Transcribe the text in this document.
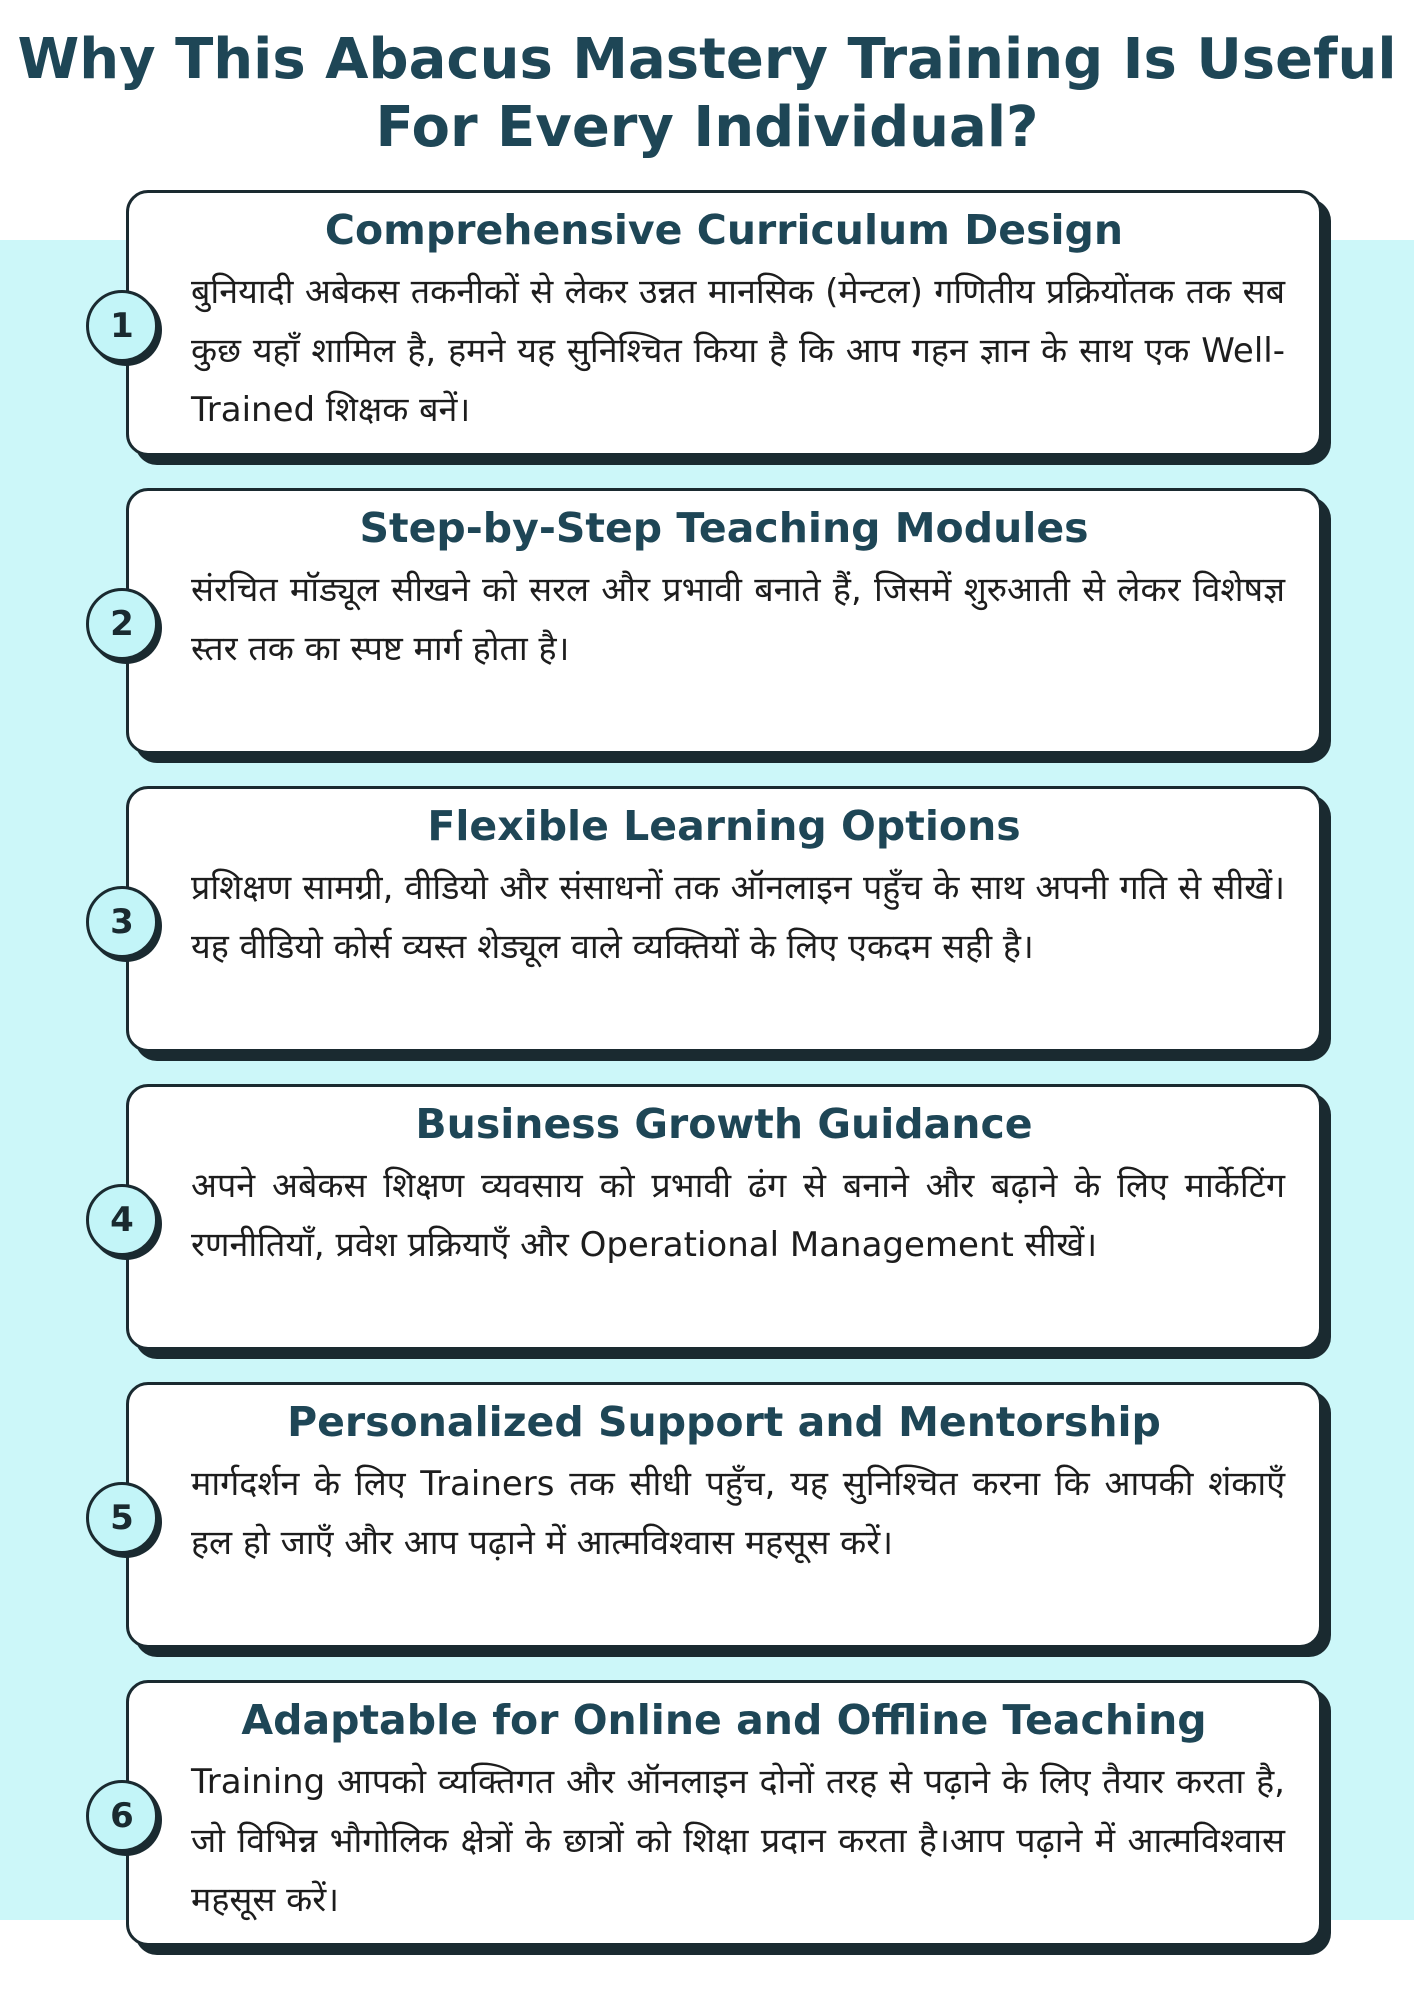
Why This Abacus Mastery Training Is Useful For Every Individual?
Comprehensive Curriculum Design
बुनियादी अबेकस तकनीकों से लेकर उन्नत मानसिक (मेन्टल) गणितीय प्रक्रियोंतक तक सब कुछ यहाँ शामिल है, हमने यह सुनिश्चित किया है कि आप गहन ज्ञान के साथ एक Well-Trained शिक्षक बनें।
1
Step-by-Step Teaching Modules
संरचित मॉड्यूल सीखने को सरल और प्रभावी बनाते हैं, जिसमें शुरुआती से लेकर विशेषज्ञ स्तर तक का स्पष्ट मार्ग होता है।
2
Flexible Learning Options
प्रशिक्षण सामग्री, वीडियो और संसाधनों तक ऑनलाइन पहुँच के साथ अपनी गति से सीखें। यह वीडियो कोर्स व्यस्त शेड्यूल वाले व्यक्तियों के लिए एकदम सही है।
3
Business Growth Guidance
अपने अबेकस शिक्षण व्यवसाय को प्रभावी ढंग से बनाने और बढ़ाने के लिए मार्केटिंग रणनीतियाँ, प्रवेश प्रक्रियाएँ और Operational Management सीखें।
4
Personalized Support and Mentorship
मार्गदर्शन के लिए Trainers तक सीधी पहुँच, यह सुनिश्चित करना कि आपकी शंकाएँ हल हो जाएँ और आप पढ़ाने में आत्मविश्वास महसूस करें।
5
Adaptable for Online and Offline Teaching
Training आपको व्यक्तिगत और ऑनलाइन दोनों तरह से पढ़ाने के लिए तैयार करता है, जो विभिन्न भौगोलिक क्षेत्रों के छात्रों को शिक्षा प्रदान करता है।आप पढ़ाने में आत्मविश्वास महसूस करें।
6
